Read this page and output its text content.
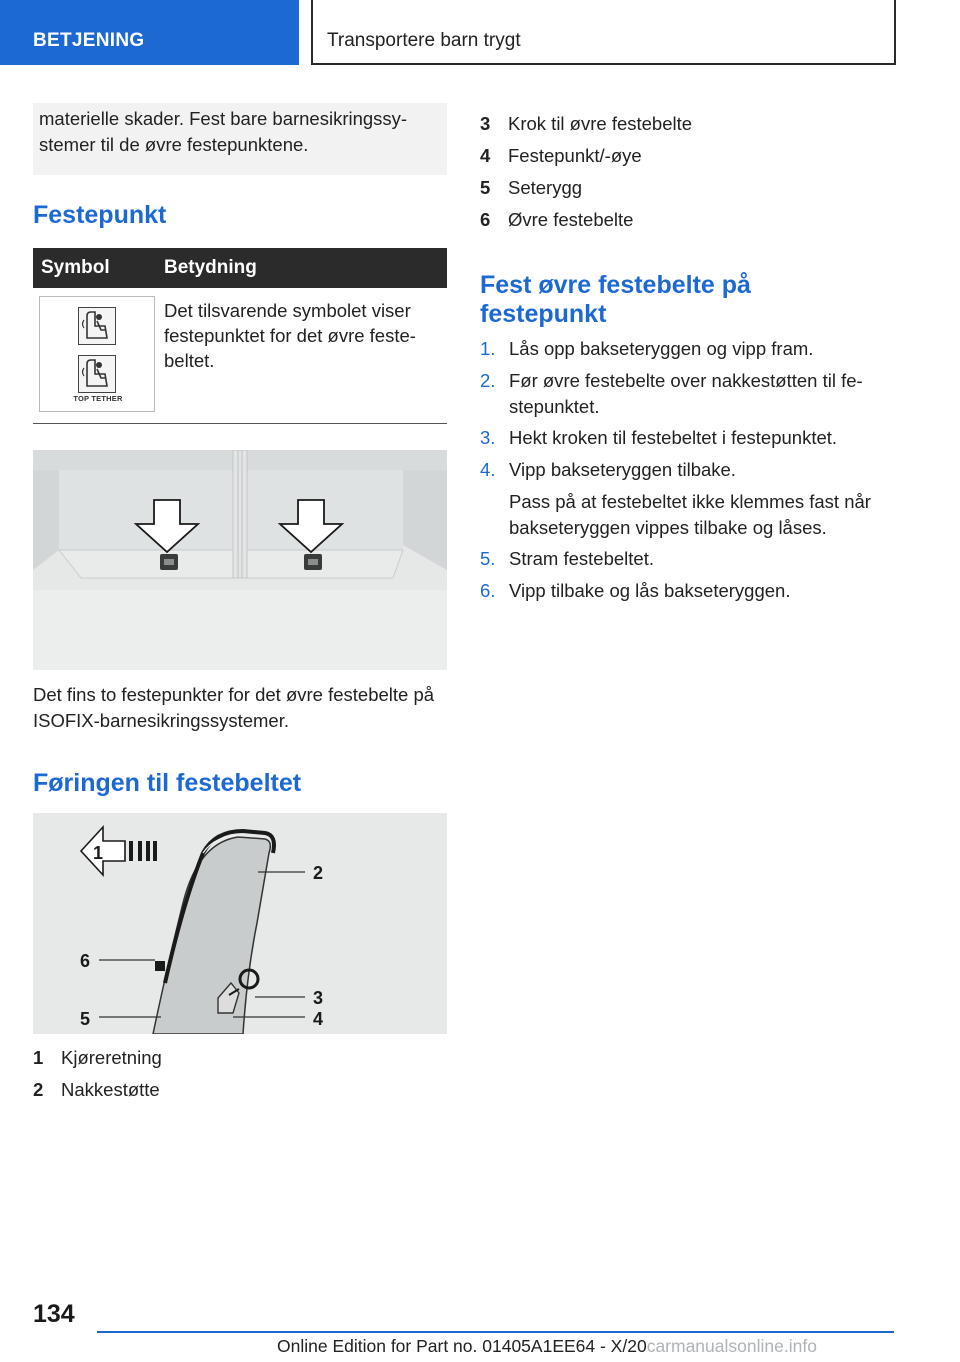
BETJENING	Transportere barn trygt
materielle skader. Fest bare barnesikringssy- stemer til de øvre festepunktene.
Festepunkt
Symbol	Betydning
TOP TETHER
Det tilsvarende symbolet viser festepunktet for det øvre feste- beltet.
Det fins to festepunkter for det øvre festebelte på ISOFIX-barnesikringssystemer.
Føringen til festebeltet
1
2
3
4
5
6
1 Kjøreretning
2 Nakkestøtte
3 Krok til øvre festebelte
4 Festepunkt/-øye
5 Seterygg
6 Øvre festebelte
Fest øvre festebelte på
festepunkt
1. Lås opp bakseteryggen og vipp fram.
2. Før øvre festebelte over nakkestøtten til fe- stepunktet.
3. Hekt kroken til festebeltet i festepunktet.
4. Vipp bakseteryggen tilbake.
Pass på at festebeltet ikke klemmes fast når bakseteryggen vippes tilbake og låses.
5. Stram festebeltet.
6. Vipp tilbake og lås bakseteryggen.
134
Online Edition for Part no. 01405A1EE64 - X/20carmanualsonline.info
